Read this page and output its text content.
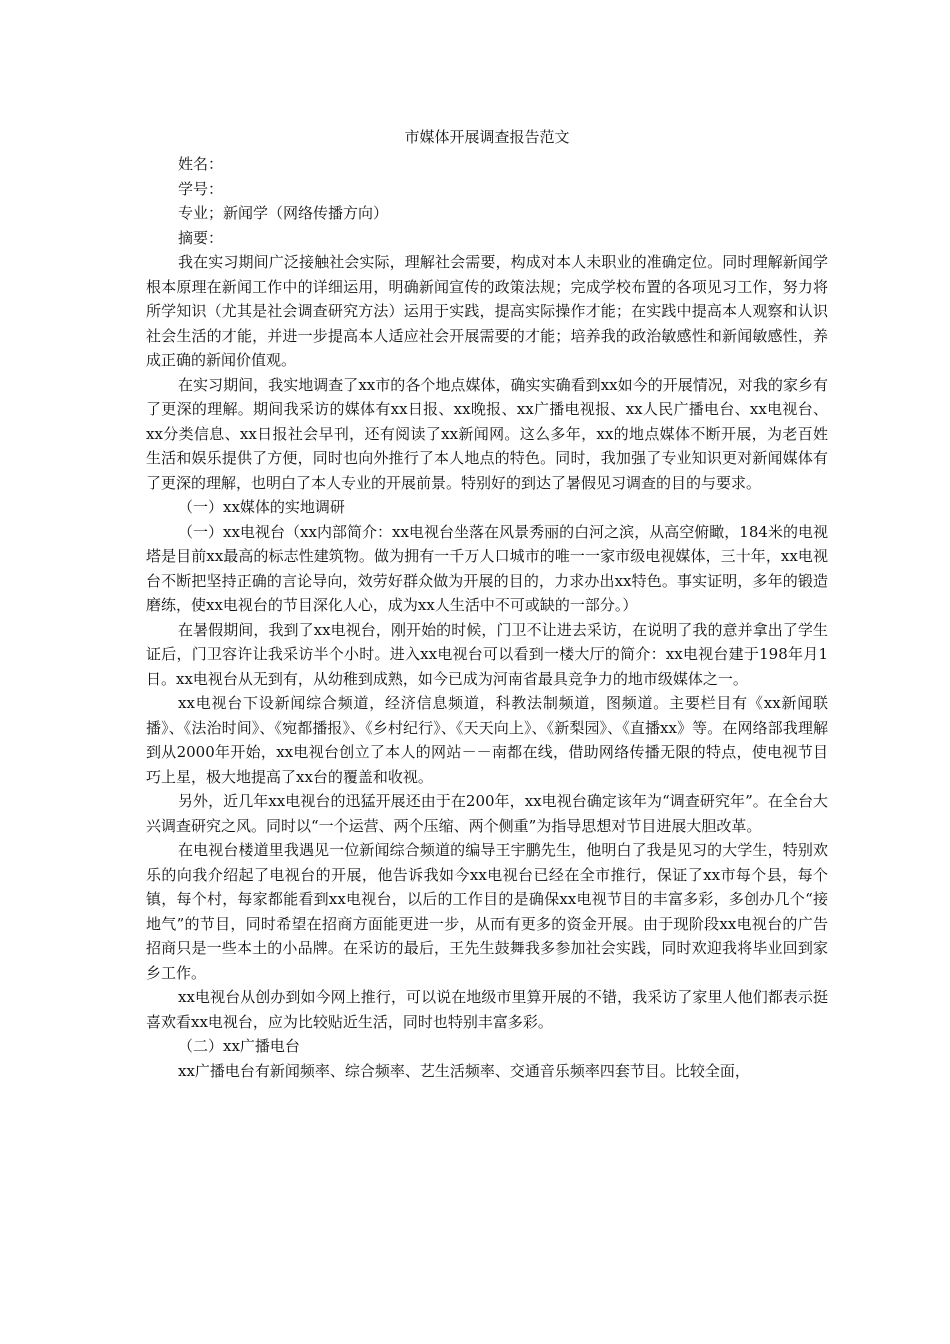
市媒体开展调查报告范文

姓名：

学号：

专业；新闻学（网络传播方向）

摘要：

我在实习期间广泛接触社会实际，理解社会需要，构成对本人未职业的准确定位。同时理解新闻学根本原理在新闻工作中的详细运用，明确新闻宣传的政策法规；完成学校布置的各项见习工作，努力将所学知识（尤其是社会调查研究方法）运用于实践，提高实际操作才能；在实践中提高本人观察和认识社会生活的才能，并进一步提高本人适应社会开展需要的才能；培养我的政治敏感性和新闻敏感性，养成正确的新闻价值观。

在实习期间，我实地调查了xx市的各个地点媒体，确实实确看到xx如今的开展情况，对我的家乡有了更深的理解。期间我采访的媒体有xx日报、xx晚报、xx广播电视报、xx人民广播电台、xx电视台、xx分类信息、xx日报社会早刊，还有阅读了xx新闻网。这么多年，xx的地点媒体不断开展，为老百姓生活和娱乐提供了方便，同时也向外推行了本人地点的特色。同时，我加强了专业知识更对新闻媒体有了更深的理解，也明白了本人专业的开展前景。特别好的到达了暑假见习调查的目的与要求。

（一）xx媒体的实地调研

（一）xx电视台（xx内部简介：xx电视台坐落在风景秀丽的白河之滨，从高空俯瞰，184米的电视塔是目前xx最高的标志性建筑物。做为拥有一千万人口城市的唯一一家市级电视媒体，三十年，xx电视台不断把坚持正确的言论导向，效劳好群众做为开展的目的，力求办出xx特色。事实证明，多年的锻造磨练，使xx电视台的节目深化人心，成为xx人生活中不可或缺的一部分。）

在暑假期间，我到了xx电视台，刚开始的时候，门卫不让进去采访，在说明了我的意并拿出了学生证后，门卫容许让我采访半个小时。进入xx电视台可以看到一楼大厅的简介：xx电视台建于198年月1日。xx电视台从无到有，从幼稚到成熟，如今已成为河南省最具竞争力的地市级媒体之一。

xx电视台下设新闻综合频道，经济信息频道，科教法制频道，图频道。主要栏目有《xx新闻联播》、《法治时间》、《宛都播报》、《乡村纪行》、《天天向上》、《新梨园》、《直播xx》等。在网络部我理解到从2000年开始，xx电视台创立了本人的网站－－南都在线，借助网络传播无限的特点，使电视节目巧上星，极大地提高了xx台的覆盖和收视。

另外，近几年xx电视台的迅猛开展还由于在200年，xx电视台确定该年为“调查研究年”。在全台大兴调查研究之风。同时以“一个运营、两个压缩、两个侧重”为指导思想对节目进展大胆改革。

在电视台楼道里我遇见一位新闻综合频道的编导王宇鹏先生，他明白了我是见习的大学生，特别欢乐的向我介绍起了电视台的开展，他告诉我如今xx电视台已经在全市推行，保证了xx市每个县，每个镇，每个村，每家都能看到xx电视台，以后的工作目的是确保xx电视节目的丰富多彩，多创办几个“接地气”的节目，同时希望在招商方面能更进一步，从而有更多的资金开展。由于现阶段xx电视台的广告招商只是一些本土的小品牌。在采访的最后，王先生鼓舞我多参加社会实践，同时欢迎我将毕业回到家乡工作。

xx电视台从创办到如今网上推行，可以说在地级市里算开展的不错，我采访了家里人他们都表示挺喜欢看xx电视台，应为比较贴近生活，同时也特别丰富多彩。

（二）xx广播电台

xx广播电台有新闻频率、综合频率、艺生活频率、交通音乐频率四套节目。比较全面，
